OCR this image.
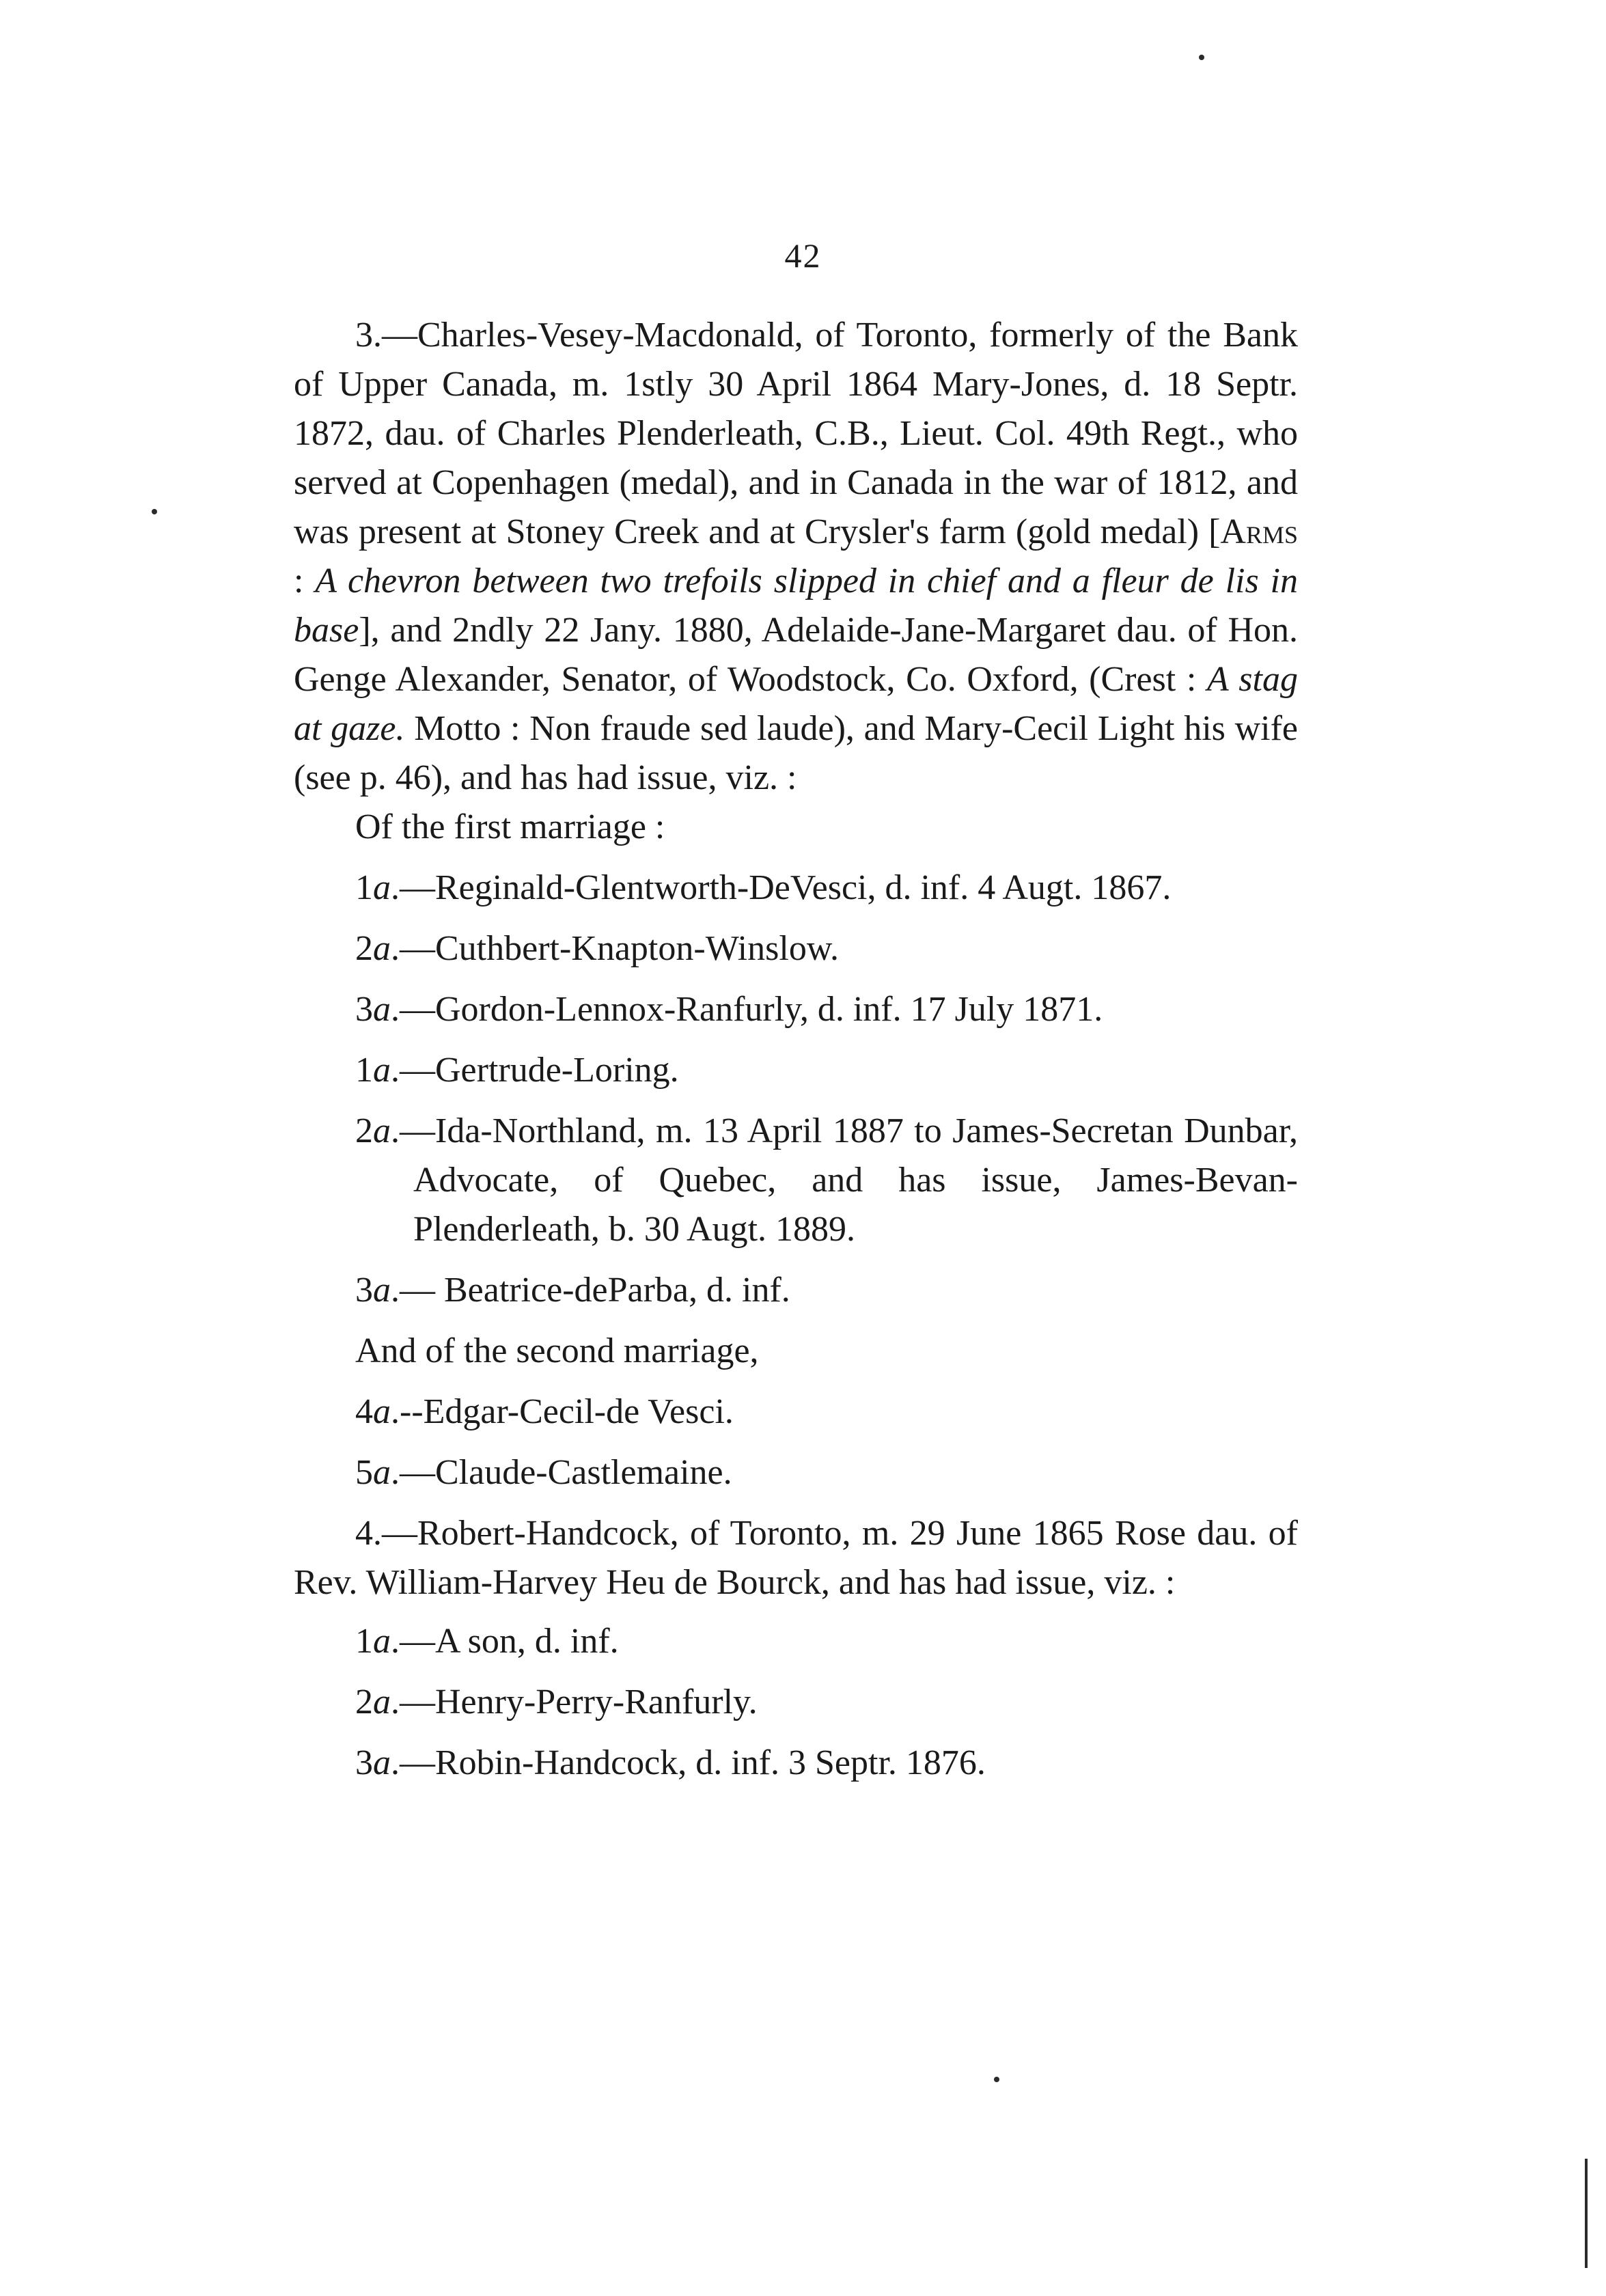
42

3.—Charles-Vesey-Macdonald, of Toronto, formerly of the Bank of Upper Canada, m. 1stly 30 April 1864 Mary-Jones, d. 18 Septr. 1872, dau. of Charles Plenderleath, C.B., Lieut. Col. 49th Regt., who served at Copenhagen (medal), and in Canada in the war of 1812, and was present at Stoney Creek and at Crysler's farm (gold medal) [Arms : A chevron between two trefoils slipped in chief and a fleur de lis in base], and 2ndly 22 Jany. 1880, Adelaide-Jane-Margaret dau. of Hon. Genge Alexander, Senator, of Woodstock, Co. Oxford, (Crest : A stag at gaze. Motto : Non fraude sed laude), and Mary-Cecil Light his wife (see p. 46), and has had issue, viz. :

Of the first marriage :

1a.—Reginald-Glentworth-DeVesci, d. inf. 4 Augt. 1867.

2a.—Cuthbert-Knapton-Winslow.

3a.—Gordon-Lennox-Ranfurly, d. inf. 17 July 1871.

1a.—Gertrude-Loring.

2a.—Ida-Northland, m. 13 April 1887 to James-Secretan Dunbar, Advocate, of Quebec, and has issue, James-Bevan-Plenderleath, b. 30 Augt. 1889.

3a.— Beatrice-deParba, d. inf.

And of the second marriage,

4a.--Edgar-Cecil-de Vesci.

5a.—Claude-Castlemaine.

4.—Robert-Handcock, of Toronto, m. 29 June 1865 Rose dau. of Rev. William-Harvey Heu de Bourck, and has had issue, viz. :

1a.—A son, d. inf.

2a.—Henry-Perry-Ranfurly.

3a.—Robin-Handcock, d. inf. 3 Septr. 1876.
